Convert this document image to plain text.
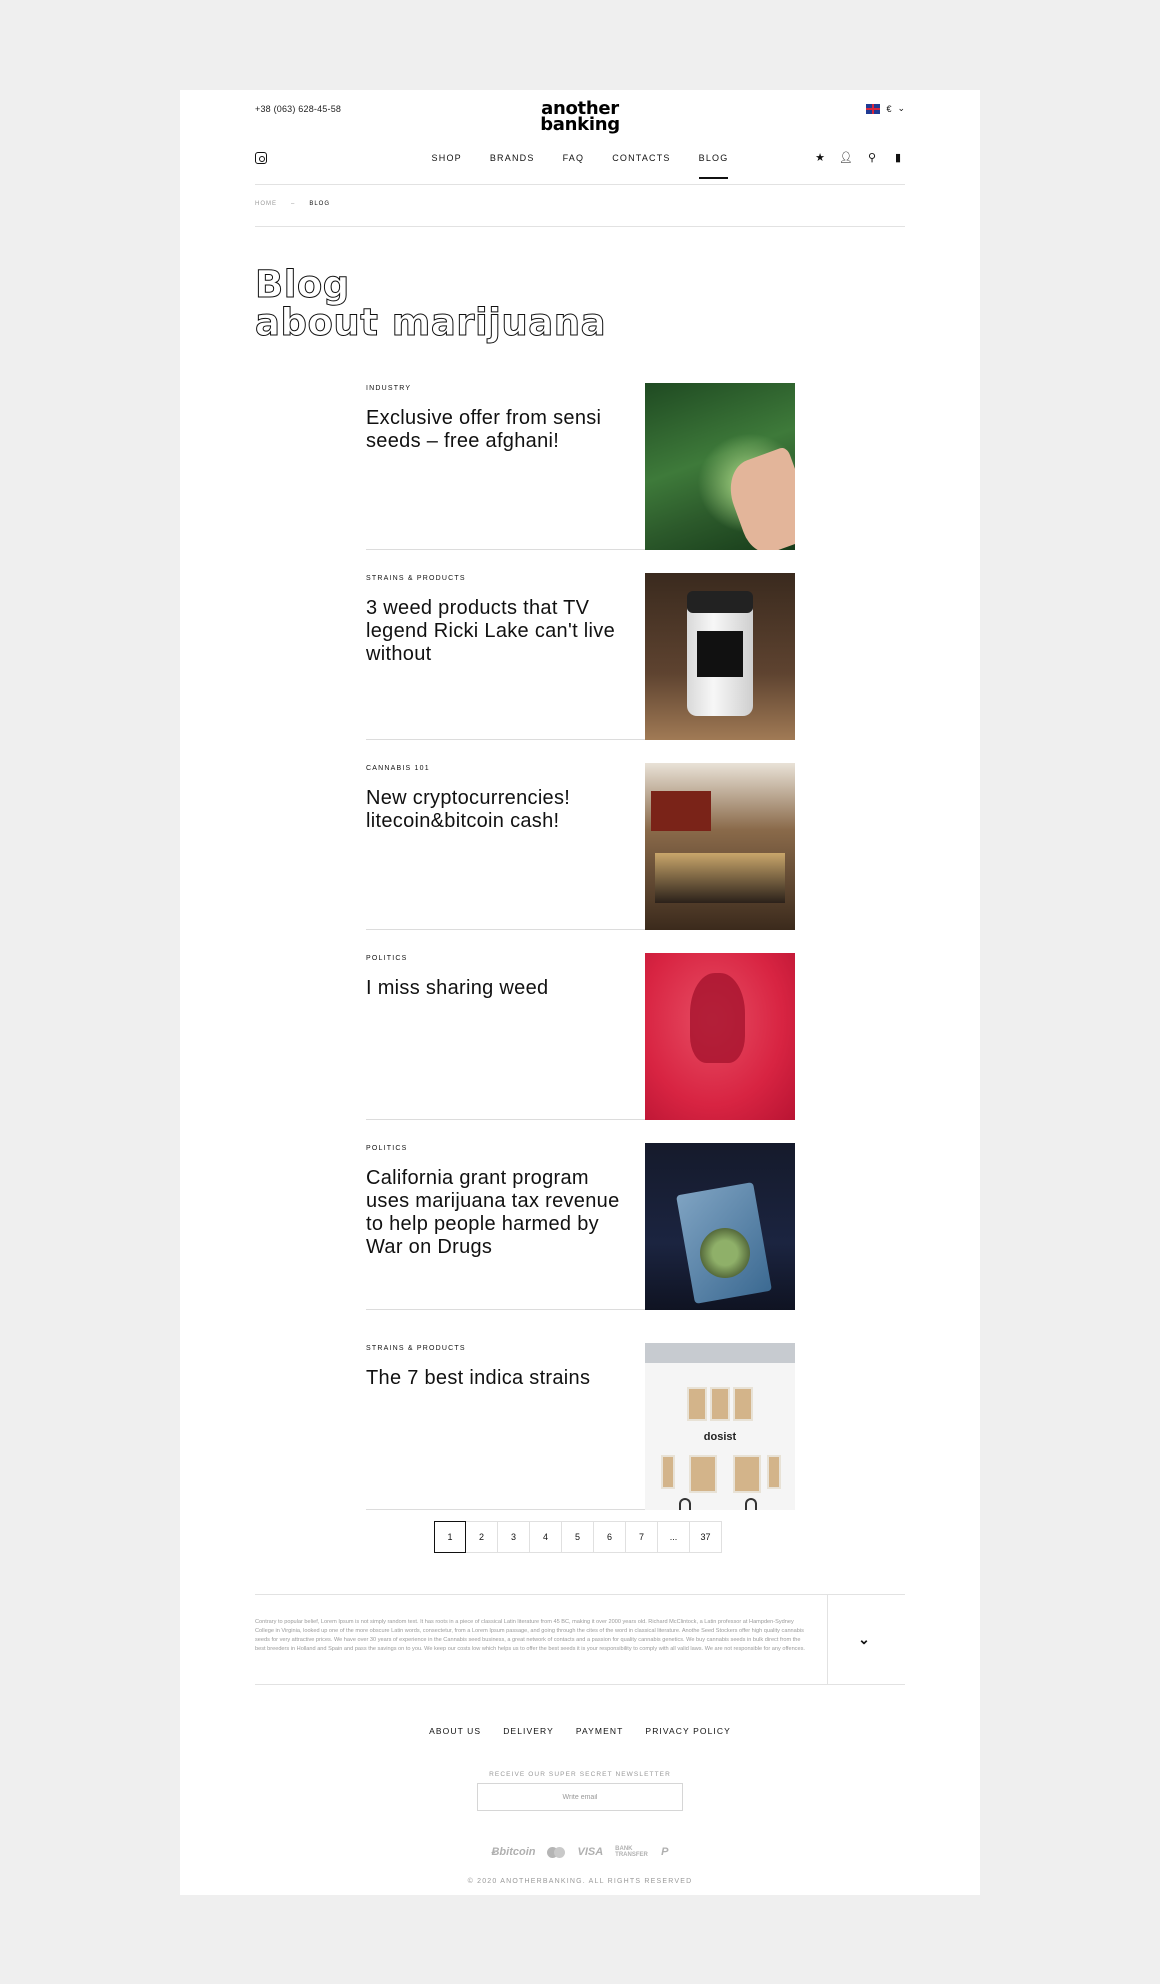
+38 (063) 628-45-58	another
banking
€ ⌄
SHOP	BRANDS	FAQ	CONTACTS	BLOG	★ 👤︎ ⚲	▮
HOME – BLOG
Blog
about marijuana
INDUSTRY
Exclusive offer from sensi seeds – free afghani!
STRAINS & PRODUCTS
3 weed products that TV legend Ricki Lake can't live without
CANNABIS 101
New cryptocurrencies! litecoin&bitcoin cash!
POLITICS
I miss sharing weed
POLITICS
California grant program uses marijuana tax revenue to help people harmed by War on Drugs
STRAINS & PRODUCTS
The 7 best indica strains
dosist
1	2	3	4	5	6	7	...	37

Contrary to popular belief, Lorem Ipsum is not simply random text. It has roots in a piece of classical Latin literature from 45 BC, making it over 2000 years old. Richard McClintock, a Latin professor at Hampden-Sydney College in Virginia, looked up one of the more obscure Latin words, consectetur, from a Lorem Ipsum passage, and going through the cites of the word in classical literature. Anothe Seed Stockers offer high quality cannabis seeds for very attractive prices. We have over 30 years of experience in the Cannabis seed business, a great network of contacts and a passion for quality cannabis genetics. We buy cannabis seeds in bulk direct from the best breeders in Holland and Spain and pass the savings on to you. We keep our costs low which helps us to offer the best seeds it is your responsibility to comply with all valid laws. We are not responsible for any offences.

⌄
ABOUT US	DELIVERY	PAYMENT	PRIVACY POLICY
RECEIVE OUR SUPER SECRET NEWSLETTER
Write email
Ƀbitcoin	VISA BANK TRANSFER P
© 2020 ANOTHERBANKING. ALL RIGHTS RESERVED
